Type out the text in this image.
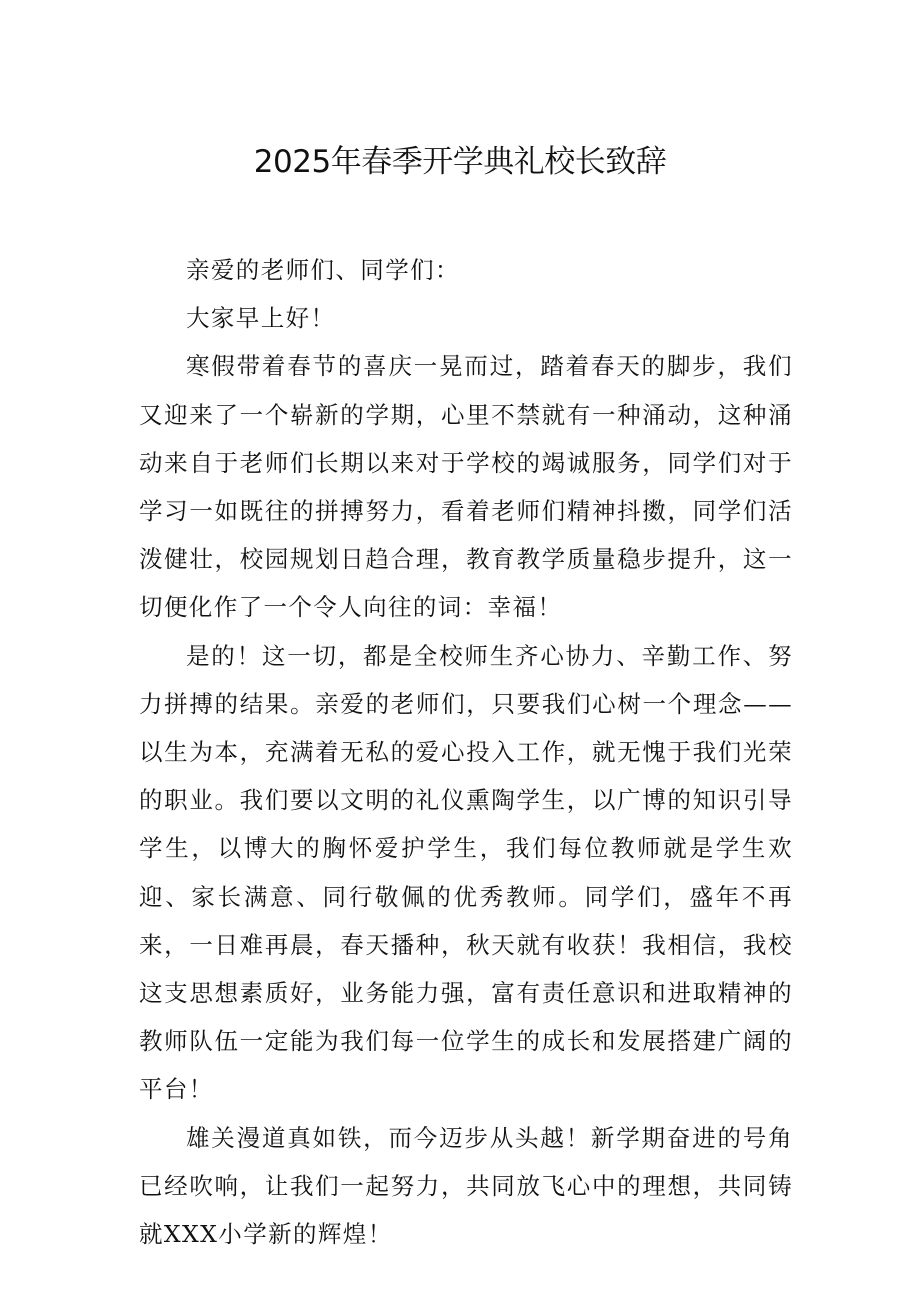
2025年春季开学典礼校长致辞

亲爱的老师们、同学们：

大家早上好！

寒假带着春节的喜庆一晃而过，踏着春天的脚步，我们又迎来了一个崭新的学期，心里不禁就有一种涌动，这种涌动来自于老师们长期以来对于学校的竭诚服务，同学们对于学习一如既往的拼搏努力，看着老师们精神抖擞，同学们活泼健壮，校园规划日趋合理，教育教学质量稳步提升，这一切便化作了一个令人向往的词：幸福！

是的！这一切，都是全校师生齐心协力、辛勤工作、努力拼搏的结果。亲爱的老师们，只要我们心树一个理念——以生为本，充满着无私的爱心投入工作，就无愧于我们光荣的职业。我们要以文明的礼仪熏陶学生，以广博的知识引导学生，以博大的胸怀爱护学生，我们每位教师就是学生欢迎、家长满意、同行敬佩的优秀教师。同学们，盛年不再来，一日难再晨，春天播种，秋天就有收获！我相信，我校这支思想素质好，业务能力强，富有责任意识和进取精神的教师队伍一定能为我们每一位学生的成长和发展搭建广阔的平台！

雄关漫道真如铁，而今迈步从头越！新学期奋进的号角已经吹响，让我们一起努力，共同放飞心中的理想，共同铸就XXX小学新的辉煌！
